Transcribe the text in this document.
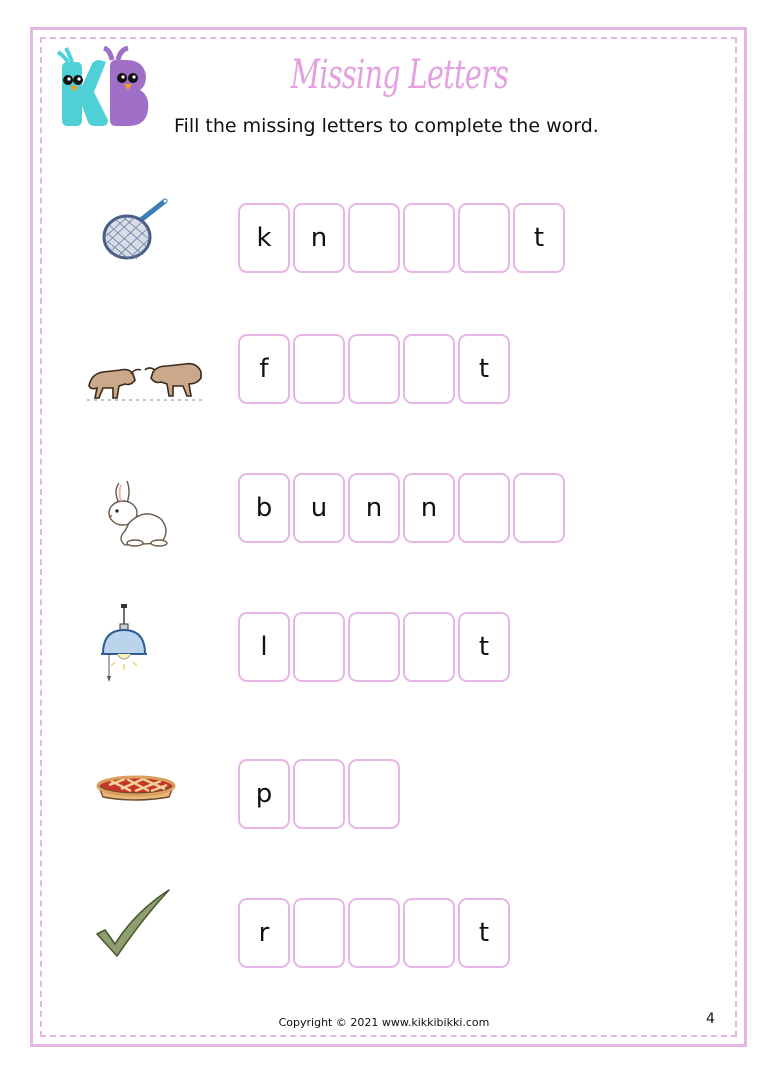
Missing Letters
Fill the missing letters to complete the word.
k	n	t
f	t
b	u	n	n
l	t
p
r	t
Copyright © 2021 www.kikkibikki.com	4
